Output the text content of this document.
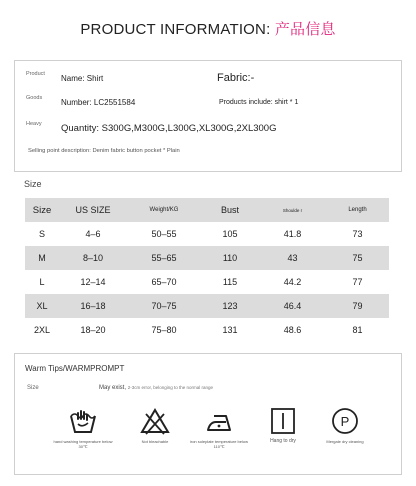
PRODUCT INFORMATION: 产品信息
Product Name: Shirt	Fabric:-
Goods	Number: LC2551584	Products include: shirt * 1
Heavy	Quantity: S300G,M300G,L300G,XL300G,2XL300G
Selling point description: Denim fabric button pocket * Plain
Size
Size	US SIZE	Weight/KG	Bust	Shoulde r	Length
S	4–6	50–55	105	41.8	73
M	8–10	55–65	110	43	75
L	12–14	65–70	115	44.2	77
XL	16–18	70–75	123	46.4	79
2XL	18–20	75–80	131	48.6	81
Warm Tips/WARMPROMPT
Size	May exist, 2-3cm error, belonging to the normal range
hand washing temperature below 30℃
Not bleachable	iron soleplate temperature below 110℃
Hang to dry
P
Mergale dry cleaning
